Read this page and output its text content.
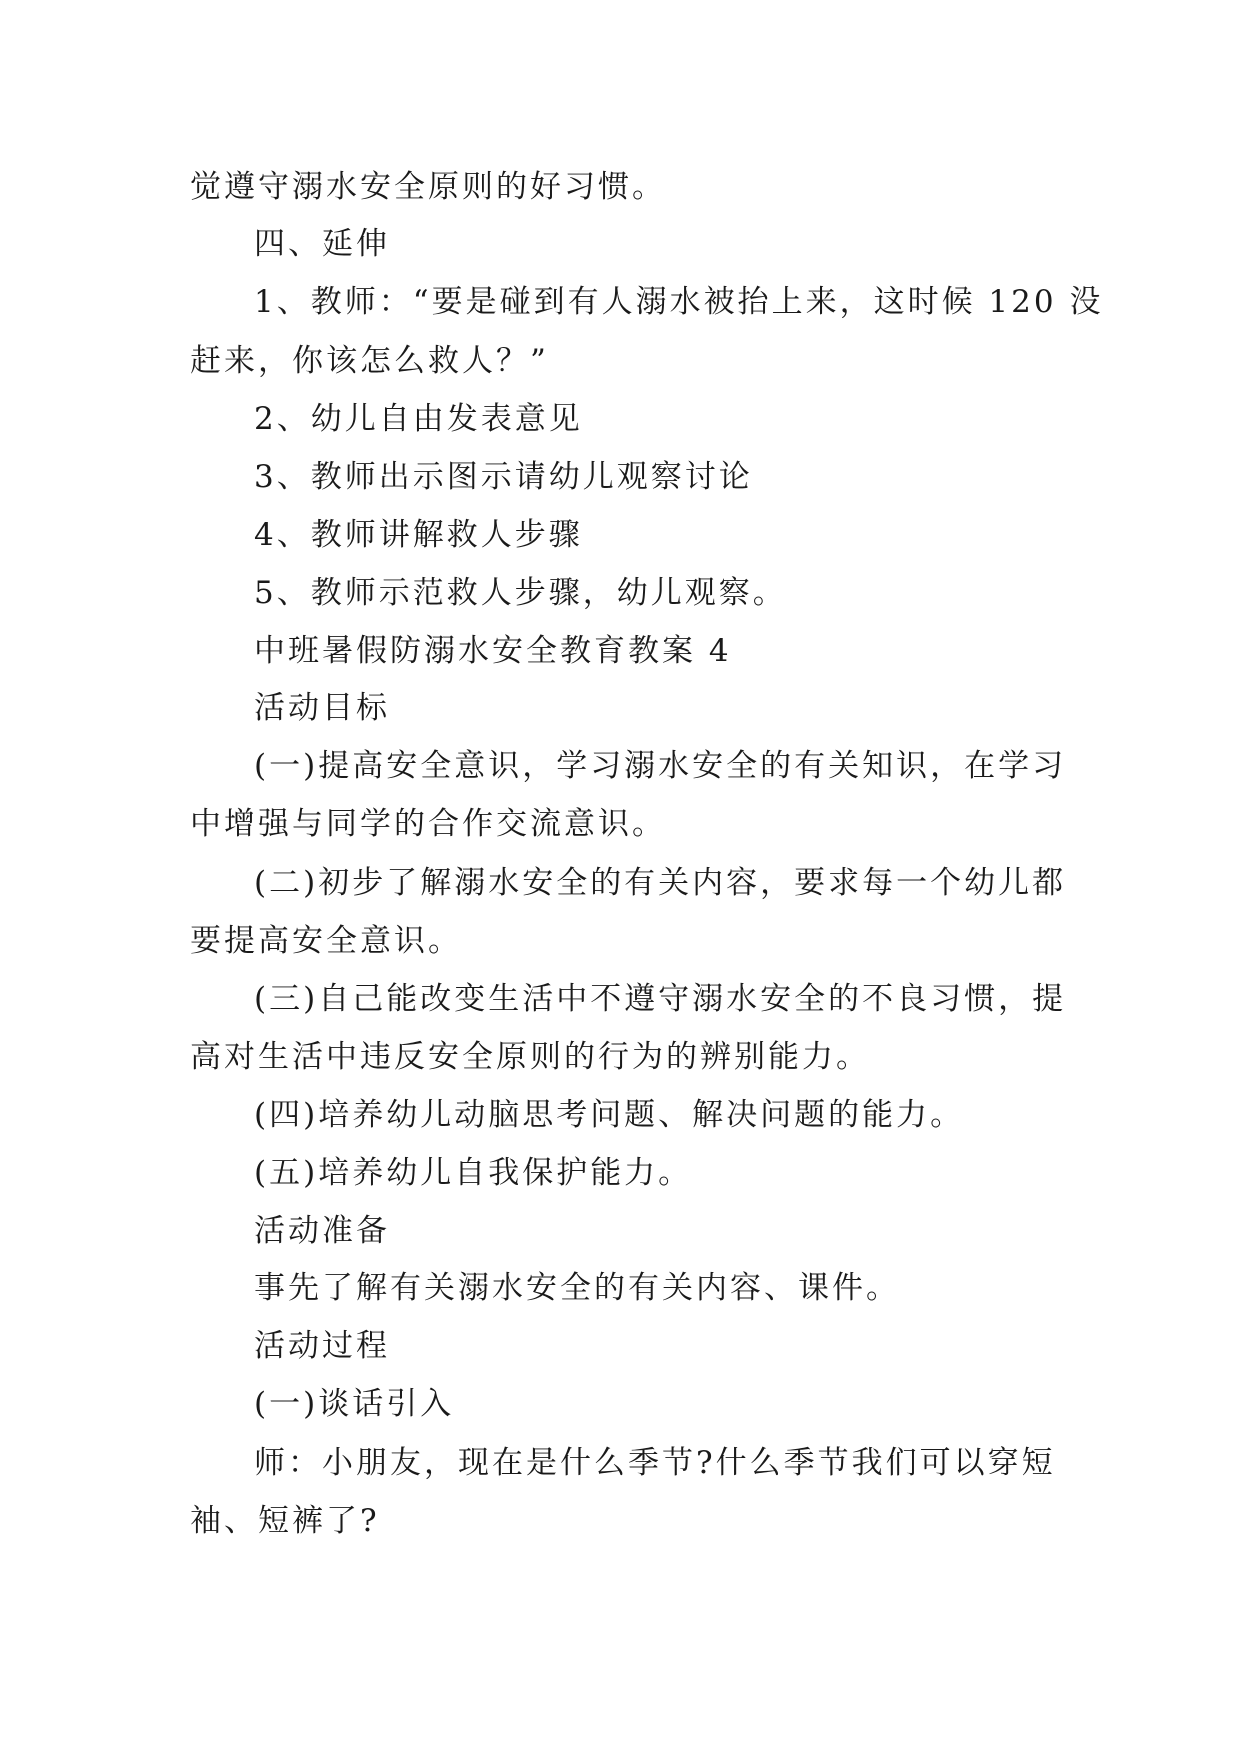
觉遵守溺水安全原则的好习惯。
四、延伸
1、教师：“要是碰到有人溺水被抬上来，这时候 120 没
赶来，你该怎么救人？”
2、幼儿自由发表意见
3、教师出示图示请幼儿观察讨论
4、教师讲解救人步骤
5、教师示范救人步骤，幼儿观察。
中班暑假防溺水安全教育教案 4
活动目标
(一)提高安全意识，学习溺水安全的有关知识，在学习
中增强与同学的合作交流意识。
(二)初步了解溺水安全的有关内容，要求每一个幼儿都
要提高安全意识。
(三)自己能改变生活中不遵守溺水安全的不良习惯，提
高对生活中违反安全原则的行为的辨别能力。
(四)培养幼儿动脑思考问题、解决问题的能力。
(五)培养幼儿自我保护能力。
活动准备
事先了解有关溺水安全的有关内容、课件。
活动过程
(一)谈话引入
师：小朋友，现在是什么季节?什么季节我们可以穿短
袖、短裤了?
